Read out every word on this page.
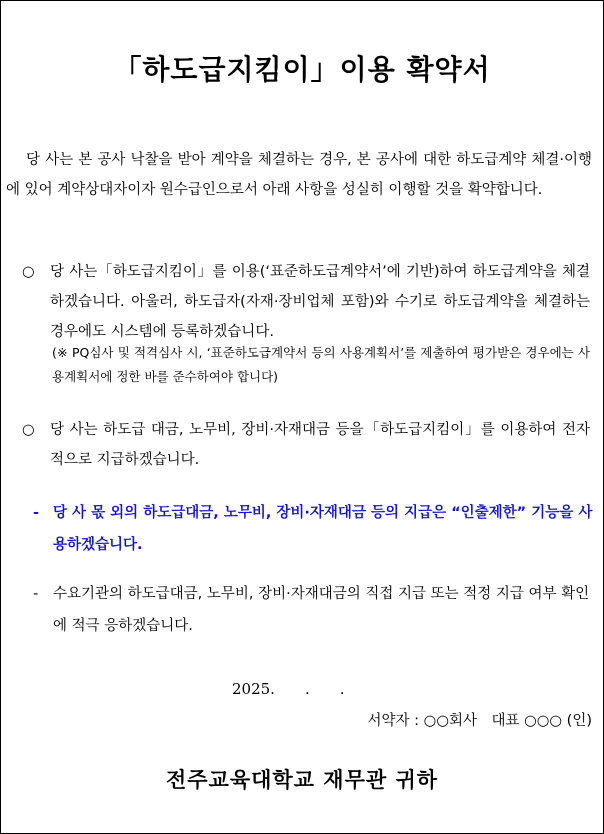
「하도급지킴이」이용 확약서
당 사는 본 공사 낙찰을 받아 계약을 체결하는 경우, 본 공사에 대한 하도급계약 체결·이행에 있어 계약상대자이자 원수급인으로서 아래 사항을 성실히 이행할 것을 확약합니다.
○	당 사는「하도급지킴이」를 이용(‘표준하도급계약서’에 기반)하여 하도급계약을 체결하겠습니다. 아울러, 하도급자(자재·장비업체 포함)와 수기로 하도급계약을 체결하는 경우에도 시스템에 등록하겠습니다.
(※ PQ심사 및 적격심사 시, ‘표준하도급계약서 등의 사용계획서’를 제출하여 평가받은 경우에는 사용계획서에 정한 바를 준수하여야 합니다)
○	당 사는 하도급 대금, 노무비, 장비·자재대금 등을「하도급지킴이」를 이용하여 전자적으로 지급하겠습니다.
- 당 사 몫 외의 하도급대금, 노무비, 장비·자재대금 등의 지급은 “인출제한” 기능을 사용하겠습니다.
-	수요기관의 하도급대금, 노무비, 장비·자재대금의 직접 지급 또는 적정 지급 여부 확인에 적극 응하겠습니다.
2025.　　.　　.
서약자 : ○○회사　대표 ○○○ (인)
전주교육대학교 재무관 귀하
